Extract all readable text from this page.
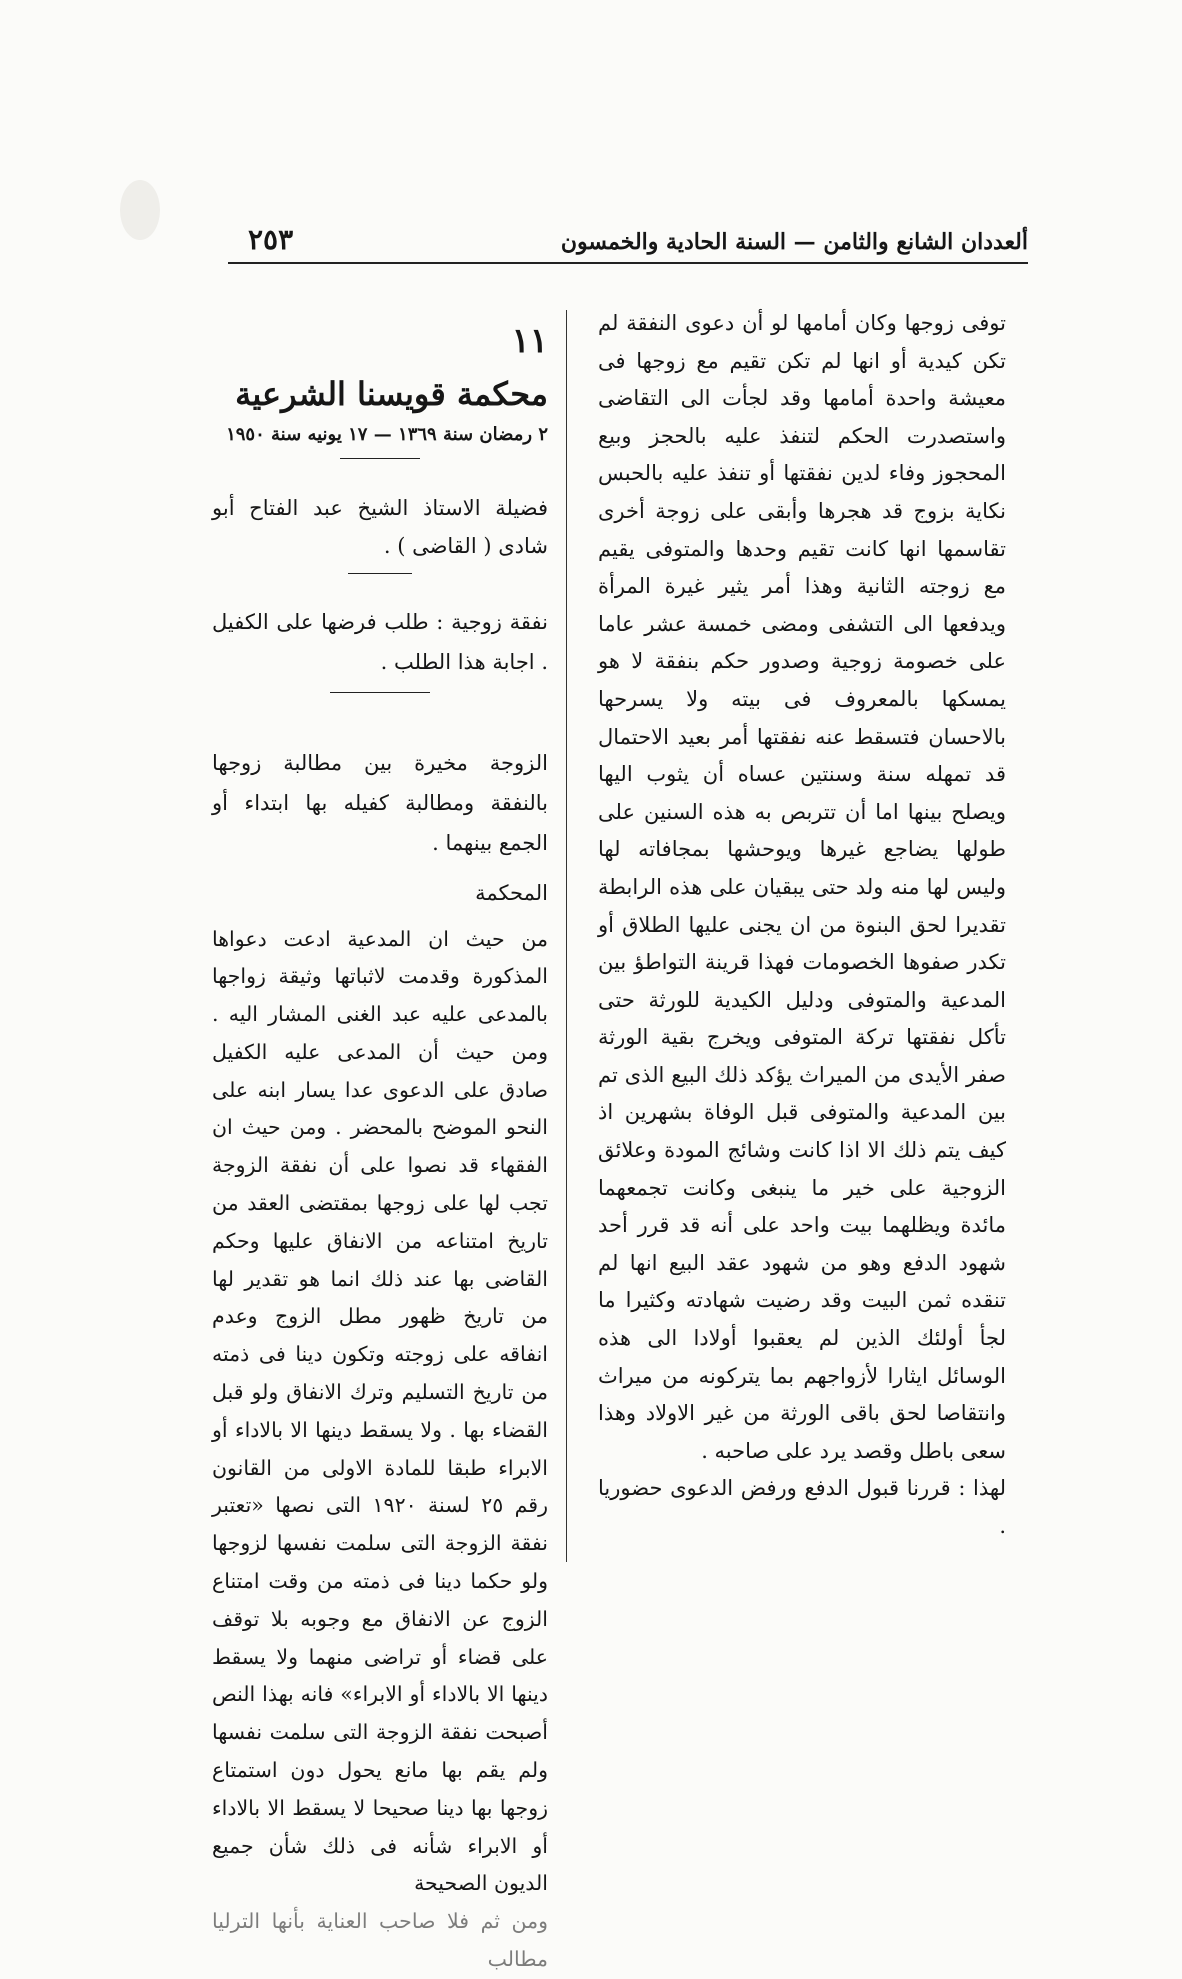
ألعددان الشانع والثامن — السنة الحادية والخمسون
٢٥٣

توفى زوجها وكان أمامها لو أن دعوى النفقة لم تكن كيدية أو انها لم تكن تقيم مع زوجها فى معيشة واحدة أمامها وقد لجأت الى التقاضى واستصدرت الحكم لتنفذ عليه بالحجز وبيع المحجوز وفاء لدين نفقتها أو تنفذ عليه بالحبس نكاية بزوج قد هجرها وأبقى على زوجة أخرى تقاسمها انها كانت تقيم وحدها والمتوفى يقيم مع زوجته الثانية وهذا أمر يثير غيرة المرأة ويدفعها الى التشفى ومضى خمسة عشر عاما على خصومة زوجية وصدور حكم بنفقة لا هو يمسكها بالمعروف فى بيته ولا يسرحها بالاحسان فتسقط عنه نفقتها أمر بعيد الاحتمال قد تمهله سنة وسنتين عساه أن يثوب اليها ويصلح بينها اما أن تتربص به هذه السنين على طولها يضاجع غيرها ويوحشها بمجافاته لها وليس لها منه ولد حتى يبقيان على هذه الرابطة تقديرا لحق البنوة من ان يجنى عليها الطلاق أو تكدر صفوها الخصومات فهذا قرينة التواطؤ بين المدعية والمتوفى ودليل الكيدية للورثة حتى تأكل نفقتها تركة المتوفى ويخرج بقية الورثة صفر الأيدى من الميراث يؤكد ذلك البيع الذى تم بين المدعية والمتوفى قبل الوفاة بشهرين اذ كيف يتم ذلك الا اذا كانت وشائج المودة وعلائق الزوجية على خير ما ينبغى وكانت تجمعهما مائدة ويظلهما بيت واحد على أنه قد قرر أحد شهود الدفع وهو من شهود عقد البيع انها لم تنقده ثمن البيت وقد رضيت شهادته وكثيرا ما لجأ أولئك الذين لم يعقبوا أولادا الى هذه الوسائل ايثارا لأزواجهم بما يتركونه من ميراث وانتقاصا لحق باقى الورثة من غير الاولاد وهذا سعى باطل وقصد يرد على صاحبه .

لهذا : قررنا قبول الدفع ورفض الدعوى حضوريا .

١١
محكمة قويسنا الشرعية
٢ رمضان سنة ١٣٦٩ — ١٧ يونيه سنة ١٩٥٠

فضيلة الاستاذ الشيخ عبد الفتاح أبو شادى ( القاضى ) .

نفقة زوجية : طلب فرضها على الكفيل . اجابة هذا الطلب .

الزوجة مخيرة بين مطالبة زوجها بالنفقة ومطالبة كفيله بها ابتداء أو الجمع بينهما .

المحكمة

من حيث ان المدعية ادعت دعواها المذكورة وقدمت لاثباتها وثيقة زواجها بالمدعى عليه عبد الغنى المشار اليه . ومن حيث أن المدعى عليه الكفيل صادق على الدعوى عدا يسار ابنه على النحو الموضح بالمحضر . ومن حيث ان الفقهاء قد نصوا على أن نفقة الزوجة تجب لها على زوجها بمقتضى العقد من تاريخ امتناعه من الانفاق عليها وحكم القاضى بها عند ذلك انما هو تقدير لها من تاريخ ظهور مطل الزوج وعدم انفاقه على زوجته وتكون دينا فى ذمته من تاريخ التسليم وترك الانفاق ولو قبل القضاء بها . ولا يسقط دينها الا بالاداء أو الابراء طبقا للمادة الاولى من القانون رقم ٢٥ لسنة ١٩٢٠ التى نصها «تعتبر نفقة الزوجة التى سلمت نفسها لزوجها ولو حكما دينا فى ذمته من وقت امتناع الزوج عن الانفاق مع وجوبه بلا توقف على قضاء أو تراضى منهما ولا يسقط دينها الا بالاداء أو الابراء» فانه بهذا النص أصبحت نفقة الزوجة التى سلمت نفسها ولم يقم بها مانع يحول دون استمتاع زوجها بها دينا صحيحا لا يسقط الا بالاداء أو الابراء شأنه فى ذلك شأن جميع الديون الصحيحة

ومن ثم فلا صاحب العناية بأنها الترليا مطالب
